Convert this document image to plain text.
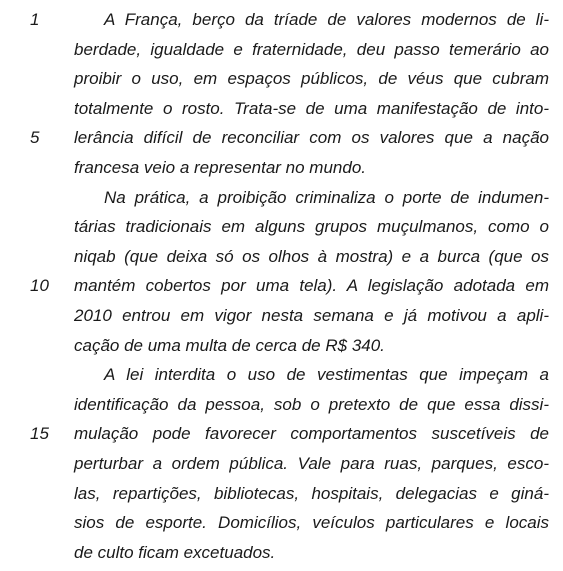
1	A França, berço da tríade de valores modernos de li-
berdade, igualdade e fraternidade, deu passo temerário ao
proibir o uso, em espaços públicos, de véus que cubram
totalmente o rosto. Trata-se de uma manifestação de into-
5 lerância difícil de reconciliar com os valores que a nação
francesa veio a representar no mundo.
Na prática, a proibição criminaliza o porte de indumen-
tárias tradicionais em alguns grupos muçulmanos, como o
niqab (que deixa só os olhos à mostra) e a burca (que os
10 mantém cobertos por uma tela). A legislação adotada em
2010 entrou em vigor nesta semana e já motivou a apli-
cação de uma multa de cerca de R$ 340.
A lei interdita o uso de vestimentas que impeçam a
identificação da pessoa, sob o pretexto de que essa dissi-
15 mulação pode favorecer comportamentos suscetíveis de
perturbar a ordem pública. Vale para ruas, parques, esco-
las, repartições, bibliotecas, hospitais, delegacias e giná-
sios de esporte. Domicílios, veículos particulares e locais
de culto ficam excetuados.
